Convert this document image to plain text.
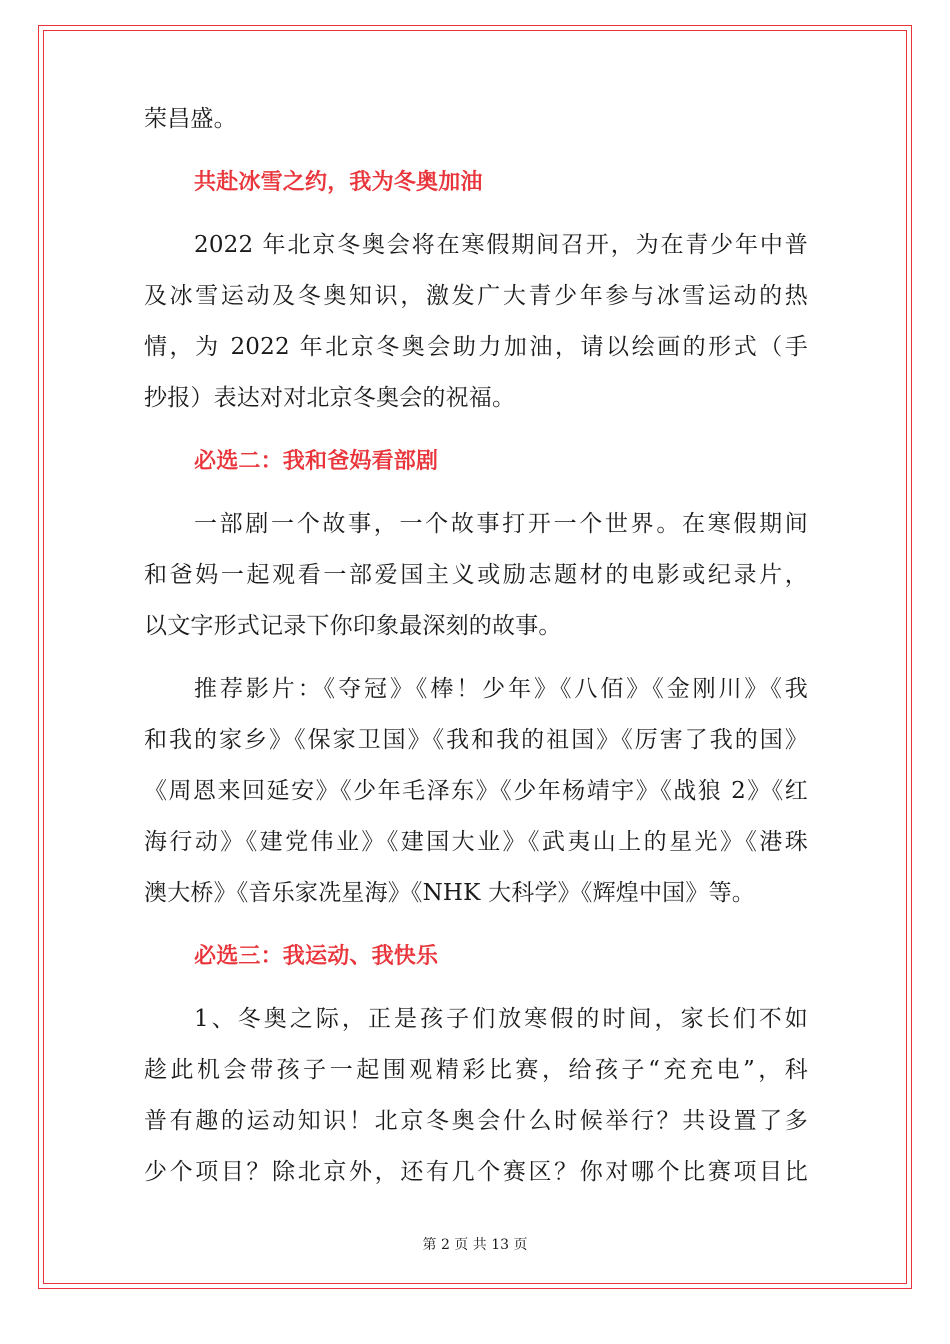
荣昌盛。
共赴冰雪之约，我为冬奥加油
2022 年北京冬奥会将在寒假期间召开，为在青少年中普
及冰雪运动及冬奥知识，激发广大青少年参与冰雪运动的热
情，为 2022 年北京冬奥会助力加油，请以绘画的形式（手
抄报）表达对对北京冬奥会的祝福。
必选二：我和爸妈看部剧
一部剧一个故事，一个故事打开一个世界。在寒假期间
和爸妈一起观看一部爱国主义或励志题材的电影或纪录片，
以文字形式记录下你印象最深刻的故事。
推荐影片：《夺冠》《棒！少年》《八佰》《金刚川》《我
和我的家乡》《保家卫国》《我和我的祖国》《厉害了我的国》
《周恩来回延安》《少年毛泽东》《少年杨靖宇》《战狼 2》《红
海行动》《建党伟业》《建国大业》《武夷山上的星光》《港珠
澳大桥》《音乐家冼星海》《NHK 大科学》《辉煌中国》等。
必选三：我运动、我快乐
1、冬奥之际，正是孩子们放寒假的时间，家长们不如
趁此机会带孩子一起围观精彩比赛，给孩子“充充电”，科
普有趣的运动知识！北京冬奥会什么时候举行？共设置了多
少个项目？除北京外，还有几个赛区？你对哪个比赛项目比
第 2 页 共 13 页
